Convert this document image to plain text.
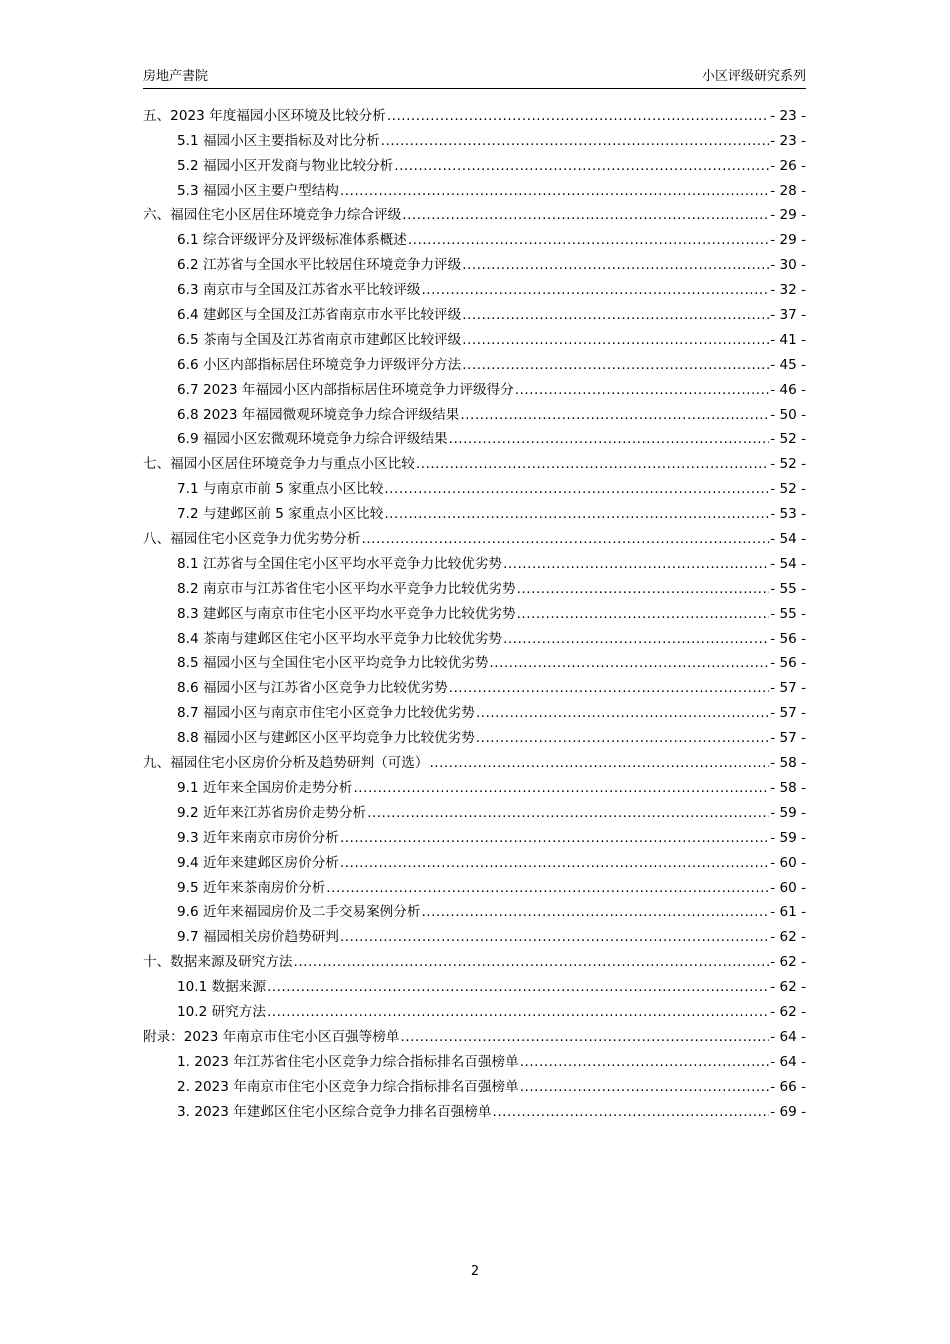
房地产書院	小区评级研究系列
五、2023 年度福园小区环境及比较分析 .....	- 23 -
5.1 福园小区主要指标及对比分析 .....	- 23 -
5.2 福园小区开发商与物业比较分析 .....	- 26 -
5.3 福园小区主要户型结构 .....	- 28 -
六、福园住宅小区居住环境竞争力综合评级 .....	- 29 -
6.1 综合评级评分及评级标准体系概述 .....	- 29 -
6.2 江苏省与全国水平比较居住环境竞争力评级 .....	- 30 -
6.3 南京市与全国及江苏省水平比较评级 .....	- 32 -
6.4 建邺区与全国及江苏省南京市水平比较评级 .....	- 37 -
6.5 茶南与全国及江苏省南京市建邺区比较评级 .....	- 41 -
6.6 小区内部指标居住环境竞争力评级评分方法 .....	- 45 -
6.7 2023 年福园小区内部指标居住环境竞争力评级得分 .....	- 46 -
6.8 2023 年福园微观环境竞争力综合评级结果 .....	- 50 -
6.9 福园小区宏微观环境竞争力综合评级结果 .....	- 52 -
七、福园小区居住环境竞争力与重点小区比较 .....	- 52 -
7.1 与南京市前 5 家重点小区比较 .....	- 52 -
7.2 与建邺区前 5 家重点小区比较 .....	- 53 -
八、福园住宅小区竞争力优劣势分析 .....	- 54 -
8.1 江苏省与全国住宅小区平均水平竞争力比较优劣势 .....	- 54 -
8.2 南京市与江苏省住宅小区平均水平竞争力比较优劣势 .....	- 55 -
8.3 建邺区与南京市住宅小区平均水平竞争力比较优劣势 .....	- 55 -
8.4 茶南与建邺区住宅小区平均水平竞争力比较优劣势 .....	- 56 -
8.5 福园小区与全国住宅小区平均竞争力比较优劣势 .....	- 56 -
8.6 福园小区与江苏省小区竞争力比较优劣势 .....	- 57 -
8.7 福园小区与南京市住宅小区竞争力比较优劣势 .....	- 57 -
8.8 福园小区与建邺区小区平均竞争力比较优劣势 .....	- 57 -
九、福园住宅小区房价分析及趋势研判（可选） .....	- 58 -
9.1 近年来全国房价走势分析 .....	- 58 -
9.2 近年来江苏省房价走势分析 .....	- 59 -
9.3 近年来南京市房价分析 .....	- 59 -
9.4 近年来建邺区房价分析 .....	- 60 -
9.5 近年来茶南房价分析 .....	- 60 -
9.6 近年来福园房价及二手交易案例分析 .....	- 61 -
9.7 福园相关房价趋势研判 .....	- 62 -
十、数据来源及研究方法 .....	- 62 -
10.1 数据来源 .....	- 62 -
10.2 研究方法 .....	- 62 -
附录：2023 年南京市住宅小区百强等榜单 .....	- 64 -
1. 2023 年江苏省住宅小区竞争力综合指标排名百强榜单 .....	- 64 -
2. 2023 年南京市住宅小区竞争力综合指标排名百强榜单 .....	- 66 -
3. 2023 年建邺区住宅小区综合竞争力排名百强榜单 .....	- 69 -
2
